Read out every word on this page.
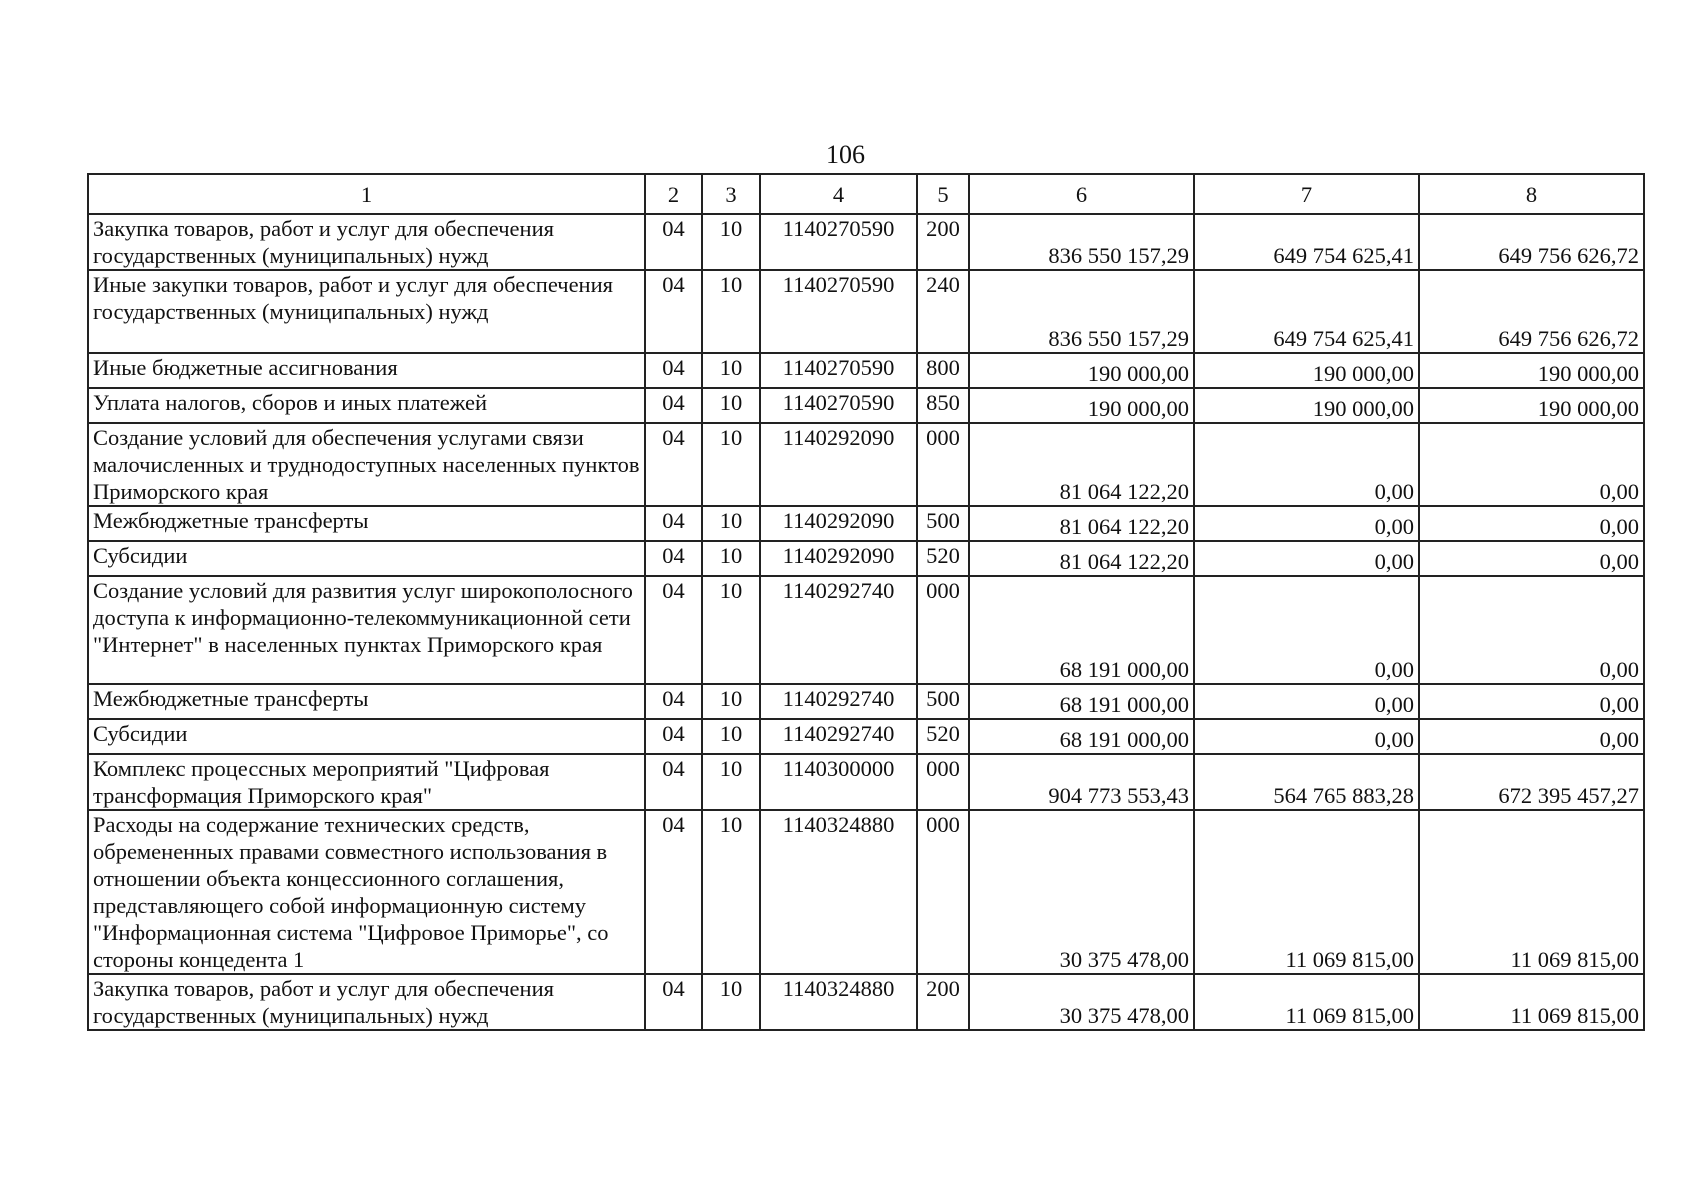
106
1	2	3	4	5	6	7	8
Закупка товаров, работ и услуг для обеспечения государственных (муниципальных) нужд	04	10	1140270590	200	836 550 157,29	649 754 625,41	649 756 626,72
Иные закупки товаров, работ и услуг для обеспечения государственных (муниципальных) нужд	04	10	1140270590	240	836 550 157,29	649 754 625,41	649 756 626,72
Иные бюджетные ассигнования	04	10	1140270590	800	190 000,00	190 000,00	190 000,00
Уплата налогов, сборов и иных платежей	04	10	1140270590	850	190 000,00	190 000,00	190 000,00
Создание условий для обеспечения услугами связи малочисленных и труднодоступных населенных пунктов Приморского края	04	10	1140292090	000	81 064 122,20	0,00	0,00
Межбюджетные трансферты	04	10	1140292090	500	81 064 122,20	0,00	0,00
Субсидии	04	10	1140292090	520	81 064 122,20	0,00	0,00
Создание условий для развития услуг широкополосного доступа к информационно-телекоммуникационной сети "Интернет" в населенных пунктах Приморского края	04	10	1140292740	000	68 191 000,00	0,00	0,00
Межбюджетные трансферты	04	10	1140292740	500	68 191 000,00	0,00	0,00
Субсидии	04	10	1140292740	520	68 191 000,00	0,00	0,00
Комплекс процессных мероприятий "Цифровая трансформация Приморского края"	04	10	1140300000	000	904 773 553,43	564 765 883,28	672 395 457,27
Расходы на содержание технических средств, обремененных правами совместного использования в отношении объекта концессионного соглашения, представляющего собой информационную систему "Информационная система "Цифровое Приморье", со стороны концедента 1	04	10	1140324880	000	30 375 478,00	11 069 815,00	11 069 815,00
Закупка товаров, работ и услуг для обеспечения государственных (муниципальных) нужд	04	10	1140324880	200	30 375 478,00	11 069 815,00	11 069 815,00
